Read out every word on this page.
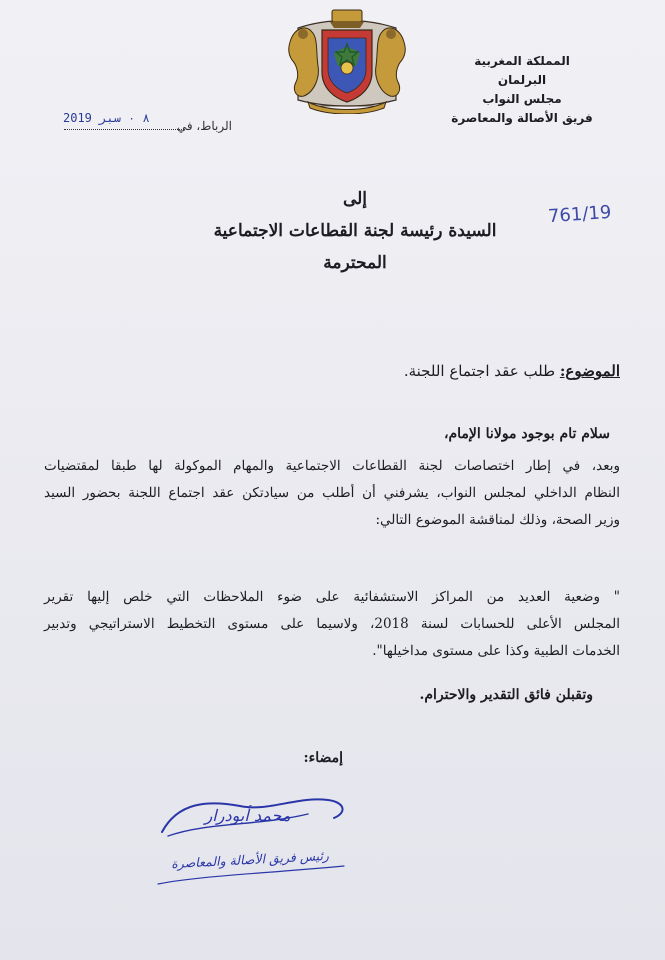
المملكة المغربية
البرلمان
مجلس النواب
فريق الأصالة والمعاصرة
2019 ٨ ٠ سبر
الرباط، في
761/19
إلى
السيدة رئيسة لجنة القطاعات الاجتماعية
المحترمة
الموضوع: طلب عقد اجتماع اللجنة.
سلام تام بوجود مولانا الإمام،
وبعد، في إطار اختصاصات لجنة القطاعات الاجتماعية والمهام الموكولة لها طبقا لمقتضيات
النظام الداخلي لمجلس النواب، يشرفني أن أطلب من سيادتكن عقد اجتماع اللجنة بحضور السيد
وزير الصحة، وذلك لمناقشة الموضوع التالي:
" وضعية العديد من المراكز الاستشفائية على ضوء الملاحظات التي خلص إليها تقرير
المجلس الأعلى للحسابات لسنة 2018، ولاسيما على مستوى التخطيط الاستراتيجي وتدبير
الخدمات الطبية وكذا على مستوى مداخيلها".
وتقبلن فائق التقدير والاحترام.
إمضاء:
محمد أبودرار
رئيس فريق الأصالة والمعاصرة
